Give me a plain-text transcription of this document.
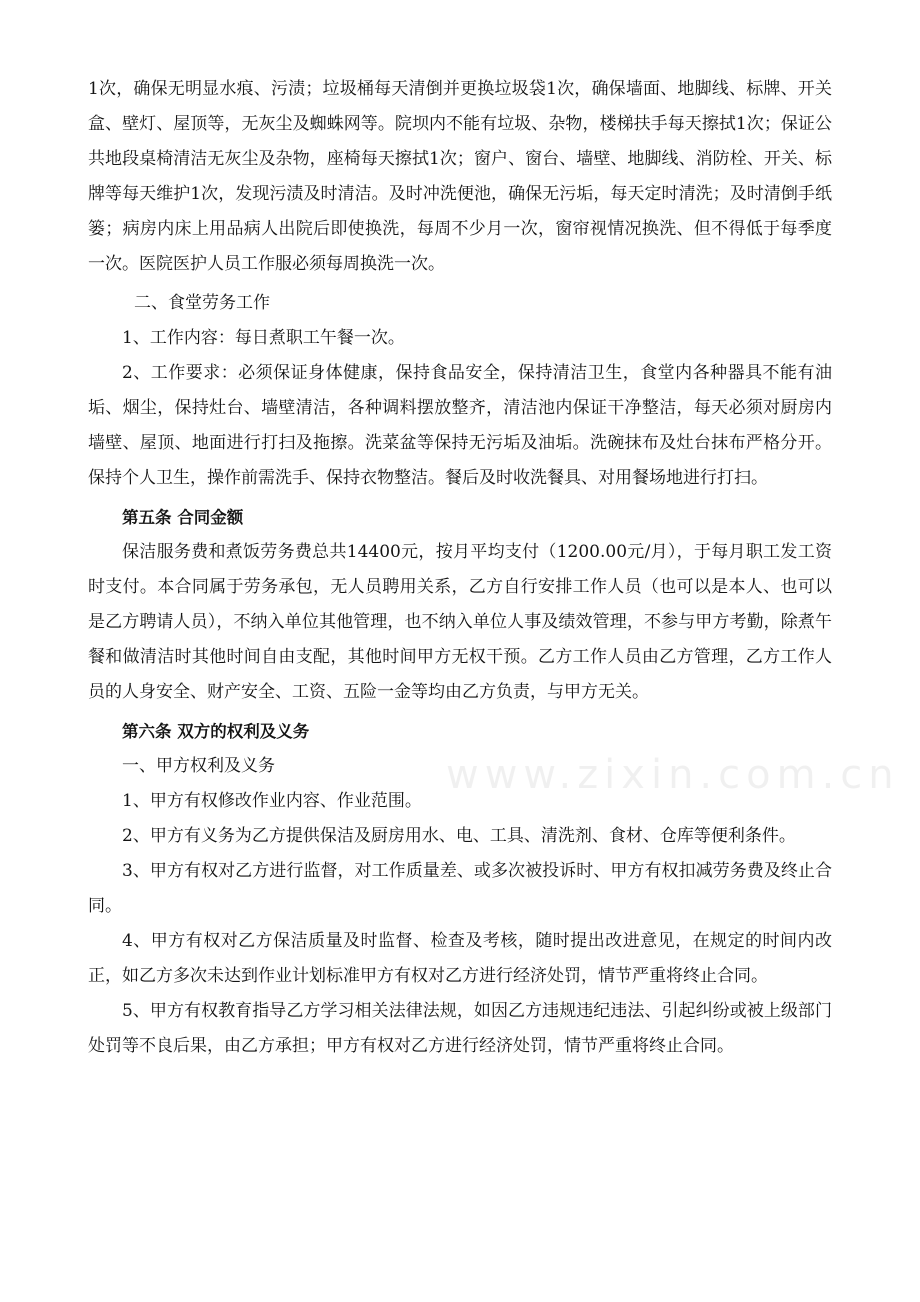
1次，确保无明显水痕、污渍；垃圾桶每天清倒并更换垃圾袋1次，确保墙面、地脚线、标牌、开关盒、壁灯、屋顶等，无灰尘及蜘蛛网等。院坝内不能有垃圾、杂物，楼梯扶手每天擦拭1次；保证公共地段桌椅清洁无灰尘及杂物，座椅每天擦拭1次；窗户、窗台、墙壁、地脚线、消防栓、开关、标牌等每天维护1次，发现污渍及时清洁。及时冲洗便池，确保无污垢，每天定时清洗；及时清倒手纸篓；病房内床上用品病人出院后即使换洗，每周不少月一次，窗帘视情况换洗、但不得低于每季度一次。医院医护人员工作服必须每周换洗一次。

二、食堂劳务工作

1、工作内容：每日煮职工午餐一次。

2、工作要求：必须保证身体健康，保持食品安全，保持清洁卫生，食堂内各种器具不能有油垢、烟尘，保持灶台、墙壁清洁，各种调料摆放整齐，清洁池内保证干净整洁，每天必须对厨房内墙壁、屋顶、地面进行打扫及拖擦。洗菜盆等保持无污垢及油垢。洗碗抹布及灶台抹布严格分开。保持个人卫生，操作前需洗手、保持衣物整洁。餐后及时收洗餐具、对用餐场地进行打扫。

第五条 合同金额

保洁服务费和煮饭劳务费总共14400元，按月平均支付（1200.00元/月），于每月职工发工资时支付。本合同属于劳务承包，无人员聘用关系，乙方自行安排工作人员（也可以是本人、也可以是乙方聘请人员），不纳入单位其他管理，也不纳入单位人事及绩效管理，不参与甲方考勤，除煮午餐和做清洁时其他时间自由支配，其他时间甲方无权干预。乙方工作人员由乙方管理，乙方工作人员的人身安全、财产安全、工资、五险一金等均由乙方负责，与甲方无关。

第六条 双方的权利及义务

一、甲方权利及义务

1、甲方有权修改作业内容、作业范围。

2、甲方有义务为乙方提供保洁及厨房用水、电、工具、清洗剂、食材、仓库等便利条件。

3、甲方有权对乙方进行监督，对工作质量差、或多次被投诉时、甲方有权扣减劳务费及终止合同。

4、甲方有权对乙方保洁质量及时监督、检查及考核，随时提出改进意见，在规定的时间内改正，如乙方多次未达到作业计划标准甲方有权对乙方进行经济处罚，情节严重将终止合同。

5、甲方有权教育指导乙方学习相关法律法规，如因乙方违规违纪违法、引起纠纷或被上级部门处罚等不良后果，由乙方承担；甲方有权对乙方进行经济处罚，情节严重将终止合同。

www.zixin.com.cn
